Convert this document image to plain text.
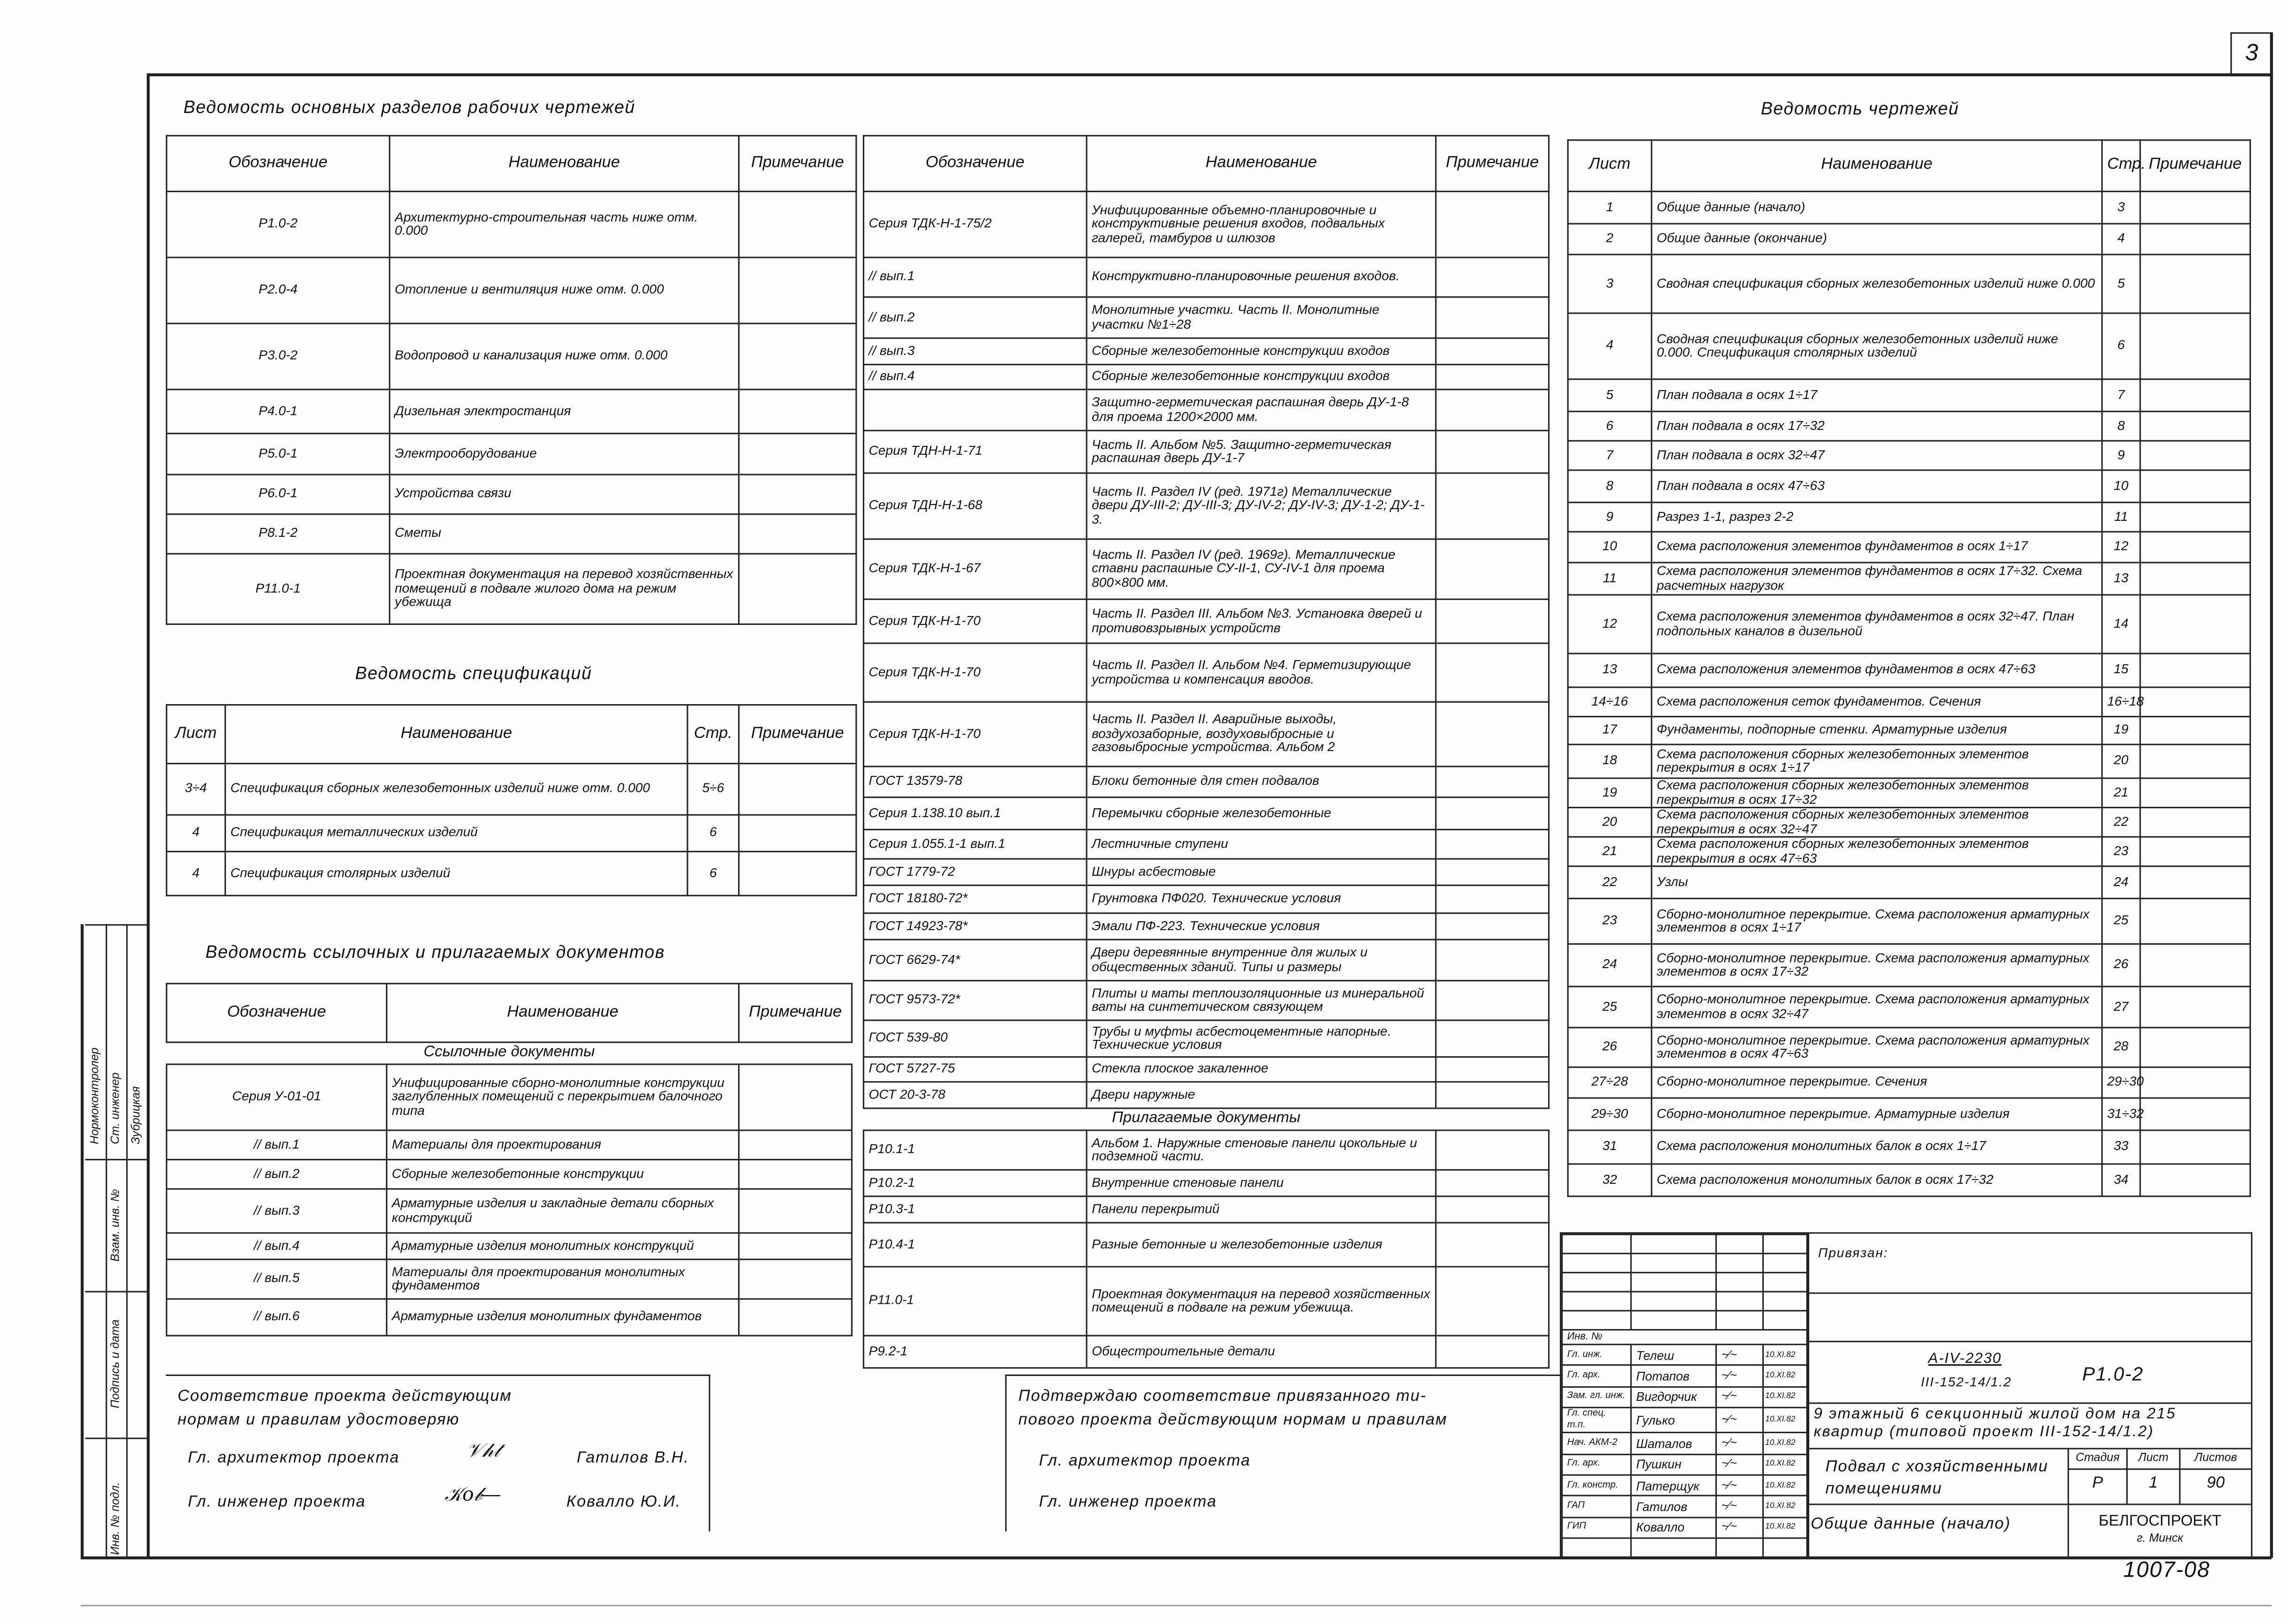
3
Нормоконтролер Ст. инженер Зубрицкая
Взам. инв. №
Подпись и дата
Инв. № подл.
Ведомость основных разделов рабочих чертежей
Ведомость спецификаций
Ведомость ссылочных и прилагаемых документов
Ведомость чертежей
Обозначение	Наименование	Примечание
Р1.0-2	Архитектурно-строительная часть ниже отм. 0.000	
Р2.0-4	Отопление и вентиляция ниже отм. 0.000	
Р3.0-2	Водопровод и канализация ниже отм. 0.000	
Р4.0-1	Дизельная электростанция	
Р5.0-1	Электрооборудование	
Р6.0-1	Устройства связи	
Р8.1-2	Сметы	
Р11.0-1	Проектная документация на перевод хозяйственных помещений в подвале жилого дома на режим убежища	
Лист	Наименование	Стр.	Примечание
3÷4	Спецификация сборных железобетонных изделий ниже отм. 0.000	5÷6	
4	Спецификация металлических изделий	6	
4	Спецификация столярных изделий	6	
Обозначение	Наименование	Примечание
Ссылочные документы		
Серия У-01-01	Унифицированные сборно-монолитные конструкции заглубленных помещений с перекрытием балочного типа	
// вып.1	Материалы для проектирования	
// вып.2	Сборные железобетонные конструкции	
// вып.3	Арматурные изделия и закладные детали сборных конструкций	
// вып.4	Арматурные изделия монолитных конструкций	
// вып.5	Материалы для проектирования монолитных фундаментов	
// вып.6	Арматурные изделия монолитных фундаментов	
Обозначение	Наименование	Примечание
Серия ТДК-Н-1-75/2	Унифицированные объемно-планировочные и конструктивные решения входов, подвальных галерей, тамбуров и шлюзов	
// вып.1	Конструктивно-планировочные решения входов.	
// вып.2	Монолитные участки. Часть II. Монолитные участки №1÷28	
// вып.3	Сборные железобетонные конструкции входов	
// вып.4	Сборные железобетонные конструкции входов	
	Защитно-герметическая распашная дверь ДУ-1-8 для проема 1200×2000 мм.	
Серия ТДН-Н-1-71	Часть II. Альбом №5. Защитно-герметическая распашная дверь ДУ-1-7	
Серия ТДН-Н-1-68	Часть II. Раздел IV (ред. 1971г) Металлические двери ДУ-III-2; ДУ-III-3; ДУ-IV-2; ДУ-IV-3; ДУ-1-2; ДУ-1-3.	
Серия ТДК-Н-1-67	Часть II. Раздел IV (ред. 1969г). Металлические ставни распашные СУ-II-1, СУ-IV-1 для проема 800×800 мм.	
Серия ТДК-Н-1-70	Часть II. Раздел III. Альбом №3. Установка дверей и противовзрывных устройств	
Серия ТДК-Н-1-70	Часть II. Раздел II. Альбом №4. Герметизирующие устройства и компенсация вводов.	
Серия ТДК-Н-1-70	Часть II. Раздел II. Аварийные выходы, воздухозаборные, воздуховыбросные и газовыбросные устройства. Альбом 2	
ГОСТ 13579-78	Блоки бетонные для стен подвалов	
Серия 1.138.10 вып.1	Перемычки сборные железобетонные	
Серия 1.055.1-1 вып.1	Лестничные ступени	
ГОСТ 1779-72	Шнуры асбестовые	
ГОСТ 18180-72*	Грунтовка ПФ020. Технические условия	
ГОСТ 14923-78*	Эмали ПФ-223. Технические условия	
ГОСТ 6629-74*	Двери деревянные внутренние для жилых и общественных зданий. Типы и размеры	
ГОСТ 9573-72*	Плиты и маты теплоизоляционные из минеральной ваты на синтетическом связующем	
ГОСТ 539-80	Трубы и муфты асбестоцементные напорные. Технические условия	
ГОСТ 5727-75	Стекла плоское закаленное	
ОСТ 20-3-78	Двери наружные	
Прилагаемые документы		
Р10.1-1	Альбом 1. Наружные стеновые панели цокольные и подземной части.	
Р10.2-1	Внутренние стеновые панели	
Р10.3-1	Панели перекрытий	
Р10.4-1	Разные бетонные и железобетонные изделия	
Р11.0-1	Проектная документация на перевод хозяйственных помещений в подвале на режим убежища.	
Р9.2-1	Общестроительные детали	
Лист	Наименование	Стр.	Примечание
1	Общие данные (начало)	3	
2	Общие данные (окончание)	4	
3	Сводная спецификация сборных железобетонных изделий ниже 0.000	5	
4	Сводная спецификация сборных железобетонных изделий ниже 0.000. Спецификация столярных изделий	6	
5	План подвала в осях 1÷17	7	
6	План подвала в осях 17÷32	8	
7	План подвала в осях 32÷47	9	
8	План подвала в осях 47÷63	10	
9	Разрез 1-1, разрез 2-2	11	
10	Схема расположения элементов фундаментов в осях 1÷17	12	
11	Схема расположения элементов фундаментов в осях 17÷32. Схема расчетных нагрузок	13	
12	Схема расположения элементов фундаментов в осях 32÷47. План подпольных каналов в дизельной	14	
13	Схема расположения элементов фундаментов в осях 47÷63	15	
14÷16	Схема расположения сеток фундаментов. Сечения	16÷18	
17	Фундаменты, подпорные стенки. Арматурные изделия	19	
18	Схема расположения сборных железобетонных элементов перекрытия в осях 1÷17	20	
19	Схема расположения сборных железобетонных элементов перекрытия в осях 17÷32	21	
20	Схема расположения сборных железобетонных элементов перекрытия в осях 32÷47	22	
21	Схема расположения сборных железобетонных элементов перекрытия в осях 47÷63	23	
22	Узлы	24	
23	Сборно-монолитное перекрытие. Схема расположения арматурных элементов в осях 1÷17	25	
24	Сборно-монолитное перекрытие. Схема расположения арматурных элементов в осях 17÷32	26	
25	Сборно-монолитное перекрытие. Схема расположения арматурных элементов в осях 32÷47	27	
26	Сборно-монолитное перекрытие. Схема расположения арматурных элементов в осях 47÷63	28	
27÷28	Сборно-монолитное перекрытие. Сечения	29÷30	
29÷30	Сборно-монолитное перекрытие. Арматурные изделия	31÷32	
31	Схема расположения монолитных балок в осях 1÷17	33	
32	Схема расположения монолитных балок в осях 17÷32	34	
Соответствие проекта действующим
нормам и правилам удостоверяю
Гл. архитектор проекта	𝒱𝒽𝓉	Гатилов В.Н.
Гл. инженер проекта	𝒦𝑜𝒷—	Ковалло Ю.И.
Подтверждаю соответствие привязанного ти-
пового проекта действующим нормам и правилам
Гл. архитектор проекта
Гл. инженер проекта

Инв. №			
Гл. инж.	Телеш	~∕~	10.XI.82
Гл. арх.	Потапов	~∕~	10.XI.82
Зам. гл. инж.	Вигдорчик	~∕~	10.XI.82
Гл. спец. т.п.	Гулько	~∕~	10.XI.82
Нач. АКМ-2	Шаталов	~∕~	10.XI.82
Гл. арх.	Пушкин	~∕~	10.XI.82
Гл. констр.	Патерщук	~∕~	10.XI.82
ГАП	Гатилов	~∕~	10.XI.82
ГИП	Ковалло	~∕~	10.XI.82

Привязан:
А-IV-2230
III-152-14/1.2	Р1.0-2
9 этажный 6 секционный жилой дом на 215 квартир (типовой проект III-152-14/1.2)
Подвал с хозяйственными помещениями
Стадия	Лист	Листов
Р	1	90
Общие данные (начало)	БЕЛГОСПРОЕКТ
г. Минск
1007-08
